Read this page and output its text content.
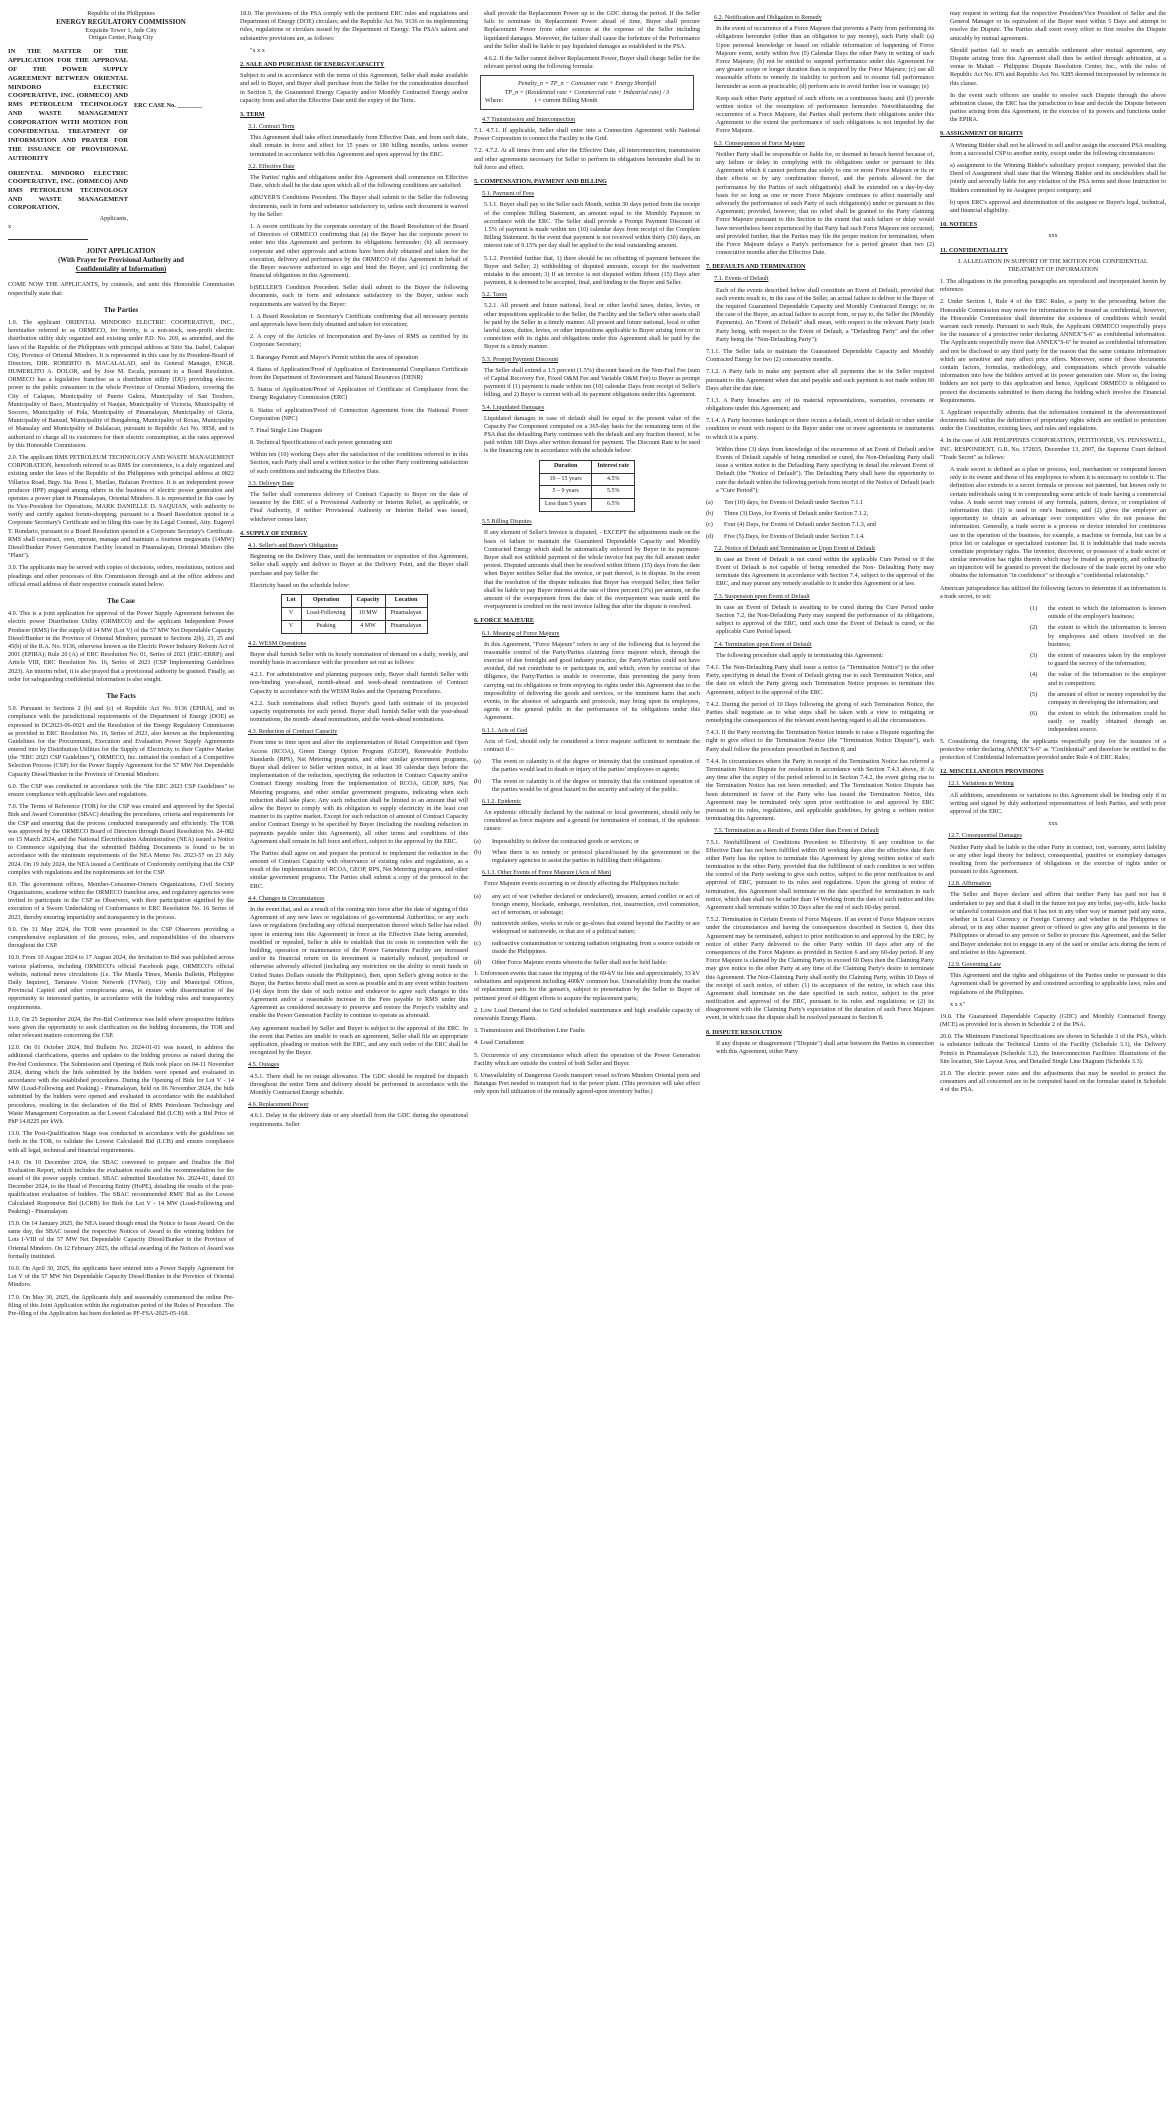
Republic of the Philippines
ENERGY REGULATORY COMMISSION
Exquisite Tower 1, Jade City
Ortigas Center, Pasig City
IN THE MATTER OF THE APPLICATION FOR THE APPROVAL OF THE POWER SUPPLY AGREEMENT BETWEEN ORIENTAL MINDORO ELECTRIC COOPERATIVE, INC. (ORMECO) AND RMS PETROLEUM TECHNOLOGY AND WASTE MANAGEMENT CORPORATION WITH MOTION FOR CONFIDENTIAL TREATMENT OF INFORMATION AND PRAYER FOR THE ISSUANCE OF PROVISIONAL AUTHORITY
ERC CASE No. ________
ORIENTAL MINDORO ELECTRIC COOPERATIVE, INC. (ORMECO) AND RMS PETROLEUM TECHNOLOGY AND WASTE MANAGEMENT CORPORATION,
Applicants,
x
JOINT APPLICATION
(With Prayer for Provisional Authority and
Confidentiality of Information)

COME NOW THE APPLICANTS, by counsels, and unto this Honorable Commission respectfully state that:

The Parties

1.0. The applicant ORIENTAL MINDORO ELECTRIC COOPERATIVE, INC., hereinafter referred to as ORMECO, for brevity, is a non-stock, non-profit electric distribution utility duly organized and existing under P.D. No. 269, as amended, and the laws of the Republic of the Philippines with principal address at Sitio Sta. Isabel, Calapan City, Province of Oriental Mindoro. It is represented in this case by its President-Board of Directors, DIR. ROBERTO B. MACALALAD, and its General Manager, ENGR. HUMERLITO A. DOLOR, and by Jose M. Escala, pursuant to a Board Resolution. ORMECO has a legislative franchise as a distribution utility (DU) providing electric power to the public consumers in the whole Province of Oriental Mindoro, covering the City of Calapan, Municipality of Puerto Galera, Municipality of San Teodoro, Municipality of Baco, Municipality of Naujan, Municipality of Victoria, Municipality of Socorro, Municipality of Pola, Municipality of Pinamalayan, Municipality of Gloria, Municipality of Bansud, Municipality of Bongabong, Municipality of Roxas, Municipality of Mansalay and Municipality of Bulalacao, pursuant to Republic Act No. 9958, and is authorized to charge all its customers for their electric consumption, at the rates approved by this Honorable Commission.

2.0. The applicant RMS PETROLEUM TECHNOLOGY AND WASTE MANAGEMENT CORPORATION, henceforth referred to as RMS for convenience, is a duly organized and existing under the laws of the Republic of the Philippines with principal address at 0822 Villarica Road, Brgy. Sta. Rosa 1, Marilao, Bulacan Province. It is an independent power producer (IPP) engaged among others in the business of electric power generation and operates a power plant in Pinamalayan, Oriental Mindoro. It is represented in this case by its Vice-President for Operations, MARK DANIELLE D. SAQUIAN, with authority to verify and certify against forum-shopping, pursuant to a Board Resolution quoted in a Corporate Secretary's Certificate and in filing this case by its Legal Counsel, Atty. Eugenyl T. Rondario, pursuant to a Board Resolution quoted in a Corporate Secretary's Certificate. RMS shall construct, own, operate, manage and maintain a fourteen megawatts (14MW) Diesel/Bunker Power Generation Facility located in Pinamalayan, Oriental Mindoro (the "Plant").

3.0. The applicants may be served with copies of decisions, orders, resolutions, notices and pleadings and other processes of this Commission through and at the office address and official email address of their respective counsels stated below.

The Case

4.0. This is a joint application for approval of the Power Supply Agreement between the electric power Distribution Utility (ORMECO) and the applicant Independent Power Producer (RMS) for the supply of 14 MW (Lot V) of the 57 MW Net Dependable Capacity Diesel/Bunker in the Province of Oriental Mindoro, pursuant to Sections 2(b), 23, 25 and 45(b) of the R.A. No. 9136, otherwise known as the Electric Power Industry Reform Act of 2001 (EPIRA); Rule 20 (A) of ERC Resolution No. 01, Series of 2021 (ERC-ERRP); and Article VIII, ERC Resolution No. 16, Series of 2023 (CSP Implementing Guidelines 2023). An interim relief, it is also prayed that a provisional authority be granted. Finally, an order for safeguarding confidential information is also sought.

The Facts

5.0. Pursuant to Sections 2 (b) and (c) of Republic Act No. 9136 (EPIRA), and in compliance with the jurisdictional requirements of the Department of Energy (DOE) as expressed in DC2023-06-0021 and the Resolution of the Energy Regulatory Commission as provided in ERC Resolution No. 16, Series of 2023, also known as the Implementing Guidelines for the Procurement, Execution and Evaluation Power Supply Agreements entered into by Distribution Utilities for the Supply of Electricity to their Captive Market (the "ERC 2023 CSP Guidelines"), ORMECO, Inc. initiated the conduct of a Competitive Selection Process (CSP) for the Power Supply Agreement for the 57 MW Net Dependable Capacity Diesel/Bunker in the Province of Oriental Mindoro.

6.0. The CSP was conducted in accordance with the "the ERC 2023 CSP Guidelines" to ensure compliance with applicable laws and regulations.

7.0. The Terms of Reference (TOR) for the CSP was created and approved by the Special Bids and Award Committee (SBAC) detailing the procedures, criteria and requirements for the CSP and ensuring that the process conducted transparently and efficiently. The TOR was approved by the ORMECO Board of Directors through Board Resolution No. 24-082 on 15 March 2024, and the National Electrification Administration (NEA) issued a Notice to Commence signifying that the submitted Bidding Documents is found to be in accordance with the minimum requirements of the NEA Memo No. 2023-57 on 23 July 2024. On 19 July 2024, the NEA issued a Certificate of Conformity certifying that the CSP complies with regulations and the requirements set for the CSP.

8.0. The government offices, Member-Consumer-Owners Organizations, Civil Society Organizations, academe within the ORMECO franchise area, and regulatory agencies were invited to participate in the CSP as Observers, with their participation signified by the execution of a Sworn Undertaking of Conformance to ERC Resolution No. 16 Series of 2023, thereby ensuring impartiality and transparency in the process.

9.0. On 31 May 2024, the TOR were presented to the CSP Observers providing a comprehensive explanation of the process, roles, and responsibilities of the observers throughout the CSP.

10.0. From 10 August 2024 to 17 August 2024, the Invitation to Bid was published across various platforms, including ORMECO's official Facebook page, ORMECO's official website, national news circulations (i.e. The Manila Times, Manila Bulletin, Philippine Daily Inquirer), Tamaraw Vision Network (TVNet), City and Municipal Offices, Provincial Capitol and other conspicuous areas, to ensure wide dissemination of the opportunity to interested parties, in accordance with the bidding rules and transparency requirements.

11.0. On 25 September 2024, the Pre-Bid Conference was held where prospective bidders were given the opportunity to seek clarification on the bidding documents, the TOR and other relevant matters concerning the CSP.

12.0. On 01 October 2024, Bid Bulletin No. 2024-01-01 was issued, to address the additional clarifications, queries and updates to the bidding process as raised during the Pre-bid Conference. The Submission and Opening of Bids took place on 04-11 November 2024, during which the bids submitted by the bidders were opened and evaluated in accordance with the established procedures. During the Opening of Bids for Lot V - 14 MW (Load-Following and Peaking) - Pinamalayan, held on 06 November 2024, the bids submitted by the bidders were opened and evaluated in accordance with the established procedures, resulting in the declaration of the Bid of RMS Petroleum Technology and Waste Management Corporation as the Lowest Calculated Bid (LCB) with a Bid Price of PhP 14.8225 per kWh.

13.0. The Post-Qualification Stage was conducted in accordance with the guidelines set forth in the TOR, to validate the Lowest Calculated Bid (LCB) and ensure compliance with all legal, technical and financial requirements.

14.0. On 10 December 2024, the SBAC convened to prepare and finalize the Bid Evaluation Report, which includes the evaluation results and the recommendation for the award of the power supply contract. SBAC submitted Resolution No. 2024-01, dated 03 December 2024, to the Head of Procuring Entity (HoPE), detailing the results of the post-qualification evaluation of bidders. The SBAC recommended RMS' Bid as the Lowest Calculated Responsive Bid (LCRB) for Bids for Lot V - 14 MW (Load-Following and Peaking) - Pinamalayan.

15.0. On 14 January 2025, the NEA issued though email the Notice to Issue Award. On the same day, the SBAC issued the respective Notices of Award to the winning bidders for Lots I-VIII of the 57 MW Net Dependable Capacity Diesel/Bunker in the Province of Oriental Mindoro. On 12 February 2025, the official awarding of the Notices of Award was formally instituted.

16.0. On April 30, 2025, the applicants have entered into a Power Supply Agreement for Lot V of the 57 MW Net Dependable Capacity Diesel/Bunker in the Province of Oriental Mindoro.

17.0. On May 30, 2025, the Applicants duly and seasonably commenced the online Pre-filing of this Joint Application within the registration period of the Rules of Procedure. The Pre-filing of the Application has been docketed as PF-FSA-2025-05-168.

18.0. The provisions of the PSA comply with the pertinent ERC rules and regulations and Department of Energy (DOE) circulars; and the Republic Act No. 9136 or its implementing rules, regulations or circulars issued by the Department of Energy. The PSA's salient and substantive provisions are, as follows:

"x x x

2. SALE AND PURCHASE OF ENERGY/CAPACITY

Subject to and in accordance with the terms of this Agreement, Seller shall make available and sell to Buyer, and Buyer shall purchase from the Seller for the consideration described in Section 5, the Guaranteed Energy Capacity and/or Monthly Contracted Energy and/or capacity from and after the Effective Date until the expiry of the Term.

3. TERM
3.1. Contract Term

This Agreement shall take effect immediately from Effective Date, and from such date, shall remain in force and effect for 15 years or 180 billing months, unless sooner terminated in accordance with this Agreement and upon approval by the ERC.

3.2. Effective Date

The Parties' rights and obligations under this Agreement shall commence on Effective Date, which shall be the date upon which all of the following conditions are satisfied:

a)BUYER'S Conditions Precedent. The Buyer shall submit to the Seller the following documents, each in form and substance satisfactory to, unless such document is waived by the Seller:

1. A sworn certificate by the corporate secretary of the Board Resolution of the Board of Directors of ORMECO confirming that (a) the Buyer has the corporate power to enter into this Agreement and perform its obligations hereunder; (b) all necessary corporate and other approvals and actions have been duly obtained and taken for the execution, delivery and performance by the ORMECO of this Agreement in behalf of the Buyer was/were authorized to sign and bind the Buyer, and (c) confirming the financial obligations in this Agreement).

b)SELLER'S Condition Precedent. Seller shall submit to the Buyer the following documents, each in form and substance satisfactory to the Buyer, unless such requirements are waived by the Buyer:

1. A Board Resolution or Secretary's Certificate confirming that all necessary permits and approvals have been duly obtained and taken for execution;

2. A copy of the Articles of Incorporation and By-laws of RMS as certified by its Corporate Secretary;

3. Barangay Permit and Mayor's Permit within the area of operation

4. Status of Application/Proof of Application of Environmental Compliance Certificate from the Department of Environment and Natural Resources (DENR)

5. Status of Application/Proof of Application of Certificate of Compliance from the Energy Regulatory Commission (ERC)

6. Status of application/Proof of Connection Agreement from the National Power Corporation (NPC)

7. Final Single Line Diagram

8. Technical Specifications of each power generating unit

Within ten (10) working Days after the satisfaction of the conditions referred to in this Section, each Party shall send a written notice to the other Party confirming satisfaction of such conditions and indicating the Effective Date.

3.3. Delivery Date

The Seller shall commence delivery of Contract Capacity to Buyer on the date of issuance by the ERC of a Provisional Authority or Interim Relief, as applicable, or Final Authority, if neither Provisional Authority or Interim Relief was issued, whichever comes later;

4. SUPPLY OF ENERGY
4.1. Seller's and Buyer's Obligations

Beginning on the Delivery Date, until the termination or expiration of this Agreement, Seller shall supply and deliver to Buyer at the Delivery Point, and the Buyer shall purchase and pay Seller the

Electricity based on the schedule below:

Lot	Operation	Capacity	Location
V	Load-Following	10 MW	Pinamalayan
V	Peaking	4 MW	Pinamalayan
4.2. WESM Operations

Buyer shall furnish Seller with its hourly nomination of demand on a daily, weekly, and monthly basis in accordance with the procedure set out as follows:

4.2.1. For administrative and planning purposes only, Buyer shall furnish Seller with non-binding year-ahead, month-ahead and week-ahead nominations of Contract Capacity in accordance with the WESM Rules and the Operating Procedures.

4.2.2. Such nominations shall reflect Buyer's good faith estimate of its projected capacity requirements for such period. Buyer shall furnish Seller with the year-ahead nominations, the month- ahead nominations, and the week-ahead nominations.

4.3. Reduction of Contract Capacity

From time to time upon and after the implementation of Retail Competition and Open Access (RCOA), Green Energy Option Program (GEOP), Renewable Portfolio Standards (RPS), Net Metering programs, and other similar government programs, Buyer shall deliver to Seller written notice, in at least 30 calendar days before the implementation of the reduction, specifying the reduction in Contract Capacity and/or Contract Energy resulting from the implementation of RCOA, GEOP, RPS, Net Metering programs, and other similar government programs, indicating when such reduction shall take place. Any such reduction shall be limited to an amount that will allow the Buyer to comply with its obligation to supply electricity in the least cost manner to its captive market. Except for such reduction of amount of Contract Capacity and/or Contract Energy to be specified by Buyer (including the resulting reduction in payments payable under this Agreement), all other terms and conditions of this Agreement shall remain in full force and effect, subject to the approval by the ERC.

The Parties shall agree on and prepare the protocol to implement the reduction in the amount of Contract Capacity with observance of existing rules and regulations, as a result of the implementation of RCOA, GEOP, RPS, Net Metering programs, and other similar government programs. The Parties shall submit a copy of the protocol to the ERC.

4.4. Changes in Circumstances

In the event that, and as a result of the coming into force after the date of signing of this Agreement of any new laws or regulations of go-vernmental Authorities; or any such laws or regulations (including any official interpretation thereof which Seller has relied upon in entering into this Agreement) in force at the Effective Date being amended, modified or repealed, Seller is able to establish that its costs in connection with the building, operation or maintenance of the Power Generation Facility are increased and/or its financial return on its investment is materially reduced, prejudiced or otherwise adversely affected (including any restriction on the ability to remit funds in United States Dollars outside the Philippines), then, upon Seller's giving notice to the Buyer, the Parties hereto shall meet as soon as possible and in any event within fourteen (14) days from the date of such notice and endeavor to agree such changes to this Agreement and/or a reasonable increase in the Fees payable to RMS under this Agreement as considered necessary to preserve and restore the Project's viability and enable the Power Generation Facility to continue to operate as aforesaid.

Any agreement reached by Seller and Buyer is subject to the approval of the ERC. In the event that Parties are unable to reach an agreement, Seller shall file an appropriate application, pleading or motion with the ERC, and any such order of the ERC shall be recognized by the Buyer.

4.5. Outages

4.5.1. There shall be no outage allowance. The GDC should be required for dispatch throughout the entire Term and delivery should be performed in accordance with the Monthly Contracted Energy schedule.

4.6. Replacement Power

4.6.1. Delay in the delivery date or any shortfall from the GDC during the operational requirements. Seller

shall provide the Replacement Power up to the GDC during the period. If the Seller fails to nominate its Replacement Power ahead of time, Buyer shall procure Replacement Power from other sources at the expense of the Seller including liquidated damages. Moreover, the failure shall cause the forfeiture of the Performance and the Seller shall be liable to pay liquidated damages as established in the PSA.

4.6.2. If the Seller cannot deliver Replacement Power, Buyer shall charge Seller for the relevant period using the following formula:

Penalty_n = TP_n − Consumer rate + Energy Shortfall
TP_n = (Residential rate + Commercial rate + Industrial rate) / 3
Where:	t = current Billing Month
4.7 Transmission and Interconnection

7.1. 4.7.1. If applicable, Seller shall enter into a Connection Agreement with National Power Corporation to connect the Facility to the Grid.

7.2. 4.7.2. At all times from and after the Effective Date, all interconnection, transmission and other agreements necessary for Seller to perform its obligations hereunder shall be in full force and effect.

5. COMPENSATION, PAYMENT AND BILLING
5.1. Payment of Fees

5.1.1. Buyer shall pay to the Seller each Month, within 30 days period from the receipt of the complete Billing Statement, an amount equal to the Monthly Payment in accordance with the ERC. The Seller shall provide a Prompt Payment Discount of 1.5% of payment is made within ten (10) calendar days from receipt of the Complete Billing Statement. In the event that payment is not received within thirty (30) days, an interest rate of 0.15% per day shall be applied to the total outstanding amount.

5.1.2. Provided further that, 1) there should be no offsetting of payment between the Buyer and Seller; 2) withholding of disputed amounts, except for the inadvertent mistake in the amount; 3) If an invoice is not disputed within fifteen (15) Days after payment, it is deemed to be accepted, final, and binding to the Buyer and Seller.

5.2. Taxes

5.2.1. All present and future national, local or other lawful taxes, duties, levies, or other impositions applicable to the Seller, the Facility and the Seller's other assets shall be paid by the Seller in a timely manner. All present and future national, local or other lawful taxes, duties, levies, or other impositions applicable to Buyer arising from or in connection with its rights and obligations under this Agreement shall be paid by the Buyer in a timely manner.

5.3. Prompt Payment Discount

The Seller shall extend a 1.5 percent (1.5%) discount based on the Non-Fuel Fee (sum of Capital Recovery Fee, Fixed O&M Fee and Variable O&M Fee) to Buyer as prompt payment if (1) payment is made within ten (10) calendar Days from receipt of Seller's billing, and 2) Buyer is current with all its payment obligations under this Agreement.

5.4. Liquidated Damages

Liquidated damages in case of default shall be equal to the present value of the Capacity Fee Component computed on a 365-day basis for the remaining term of the PSA that the defaulting Party continues with the default and any fraction thereof, to be paid within 180 Days after written demand for payment. The Discount Rate to be used is the financing rate in accordance with the schedule below:

Duration	Interest rate
10 – 15 years	4.5%
5 – 9 years	5.5%
Less than 5 years	6.5%
5.5 Billing Disputes

If any element of Seller's Invoice is disputed, - EXCEPT the adjustments made on the basis of failure to maintain the Guaranteed Dependable Capacity and Monthly Contracted Energy which shall be automatically enforced by Buyer in its payment-Buyer shall not withhold payment of the whole invoice but pay the full amount under protest. Disputed amounts shall then be resolved within fifteen (15) days from the date when Buyer notifies Seller that the invoice, or part thereof, is in dispute. In the event that the resolution of the dispute indicates that Buyer has overpaid Seller, then Seller shall be liable to pay Buyer interest at the rate of three percent (3%) per annum, on the amount of the overpayment from the date of the overpayment was made until the overpayment is credited on the next invoice falling due after the dispute is resolved.

6. FORCE MAJEURE
6.1. Meaning of Force Majeure

In this Agreement, "Force Majeure" refers to any of the following that is beyond the reasonable control of the Party/Parties claiming force majeure which, through the exercise of due foresight and good industry practice, the Party/Parties could not have avoided, did not contribute to or participate in, and which, even by exercise of due diligence, the Party/Parties is unable to overcome, thus preventing the party from carrying out its obligations or from enjoying its rights under this Agreement due to the impossibility of delivering the goods and services, or the imminent harm that such events, in the absence of safeguards and protocols, may bring upon its employees, agents or the general public in the performance of its obligations under this Agreement.

6.1.1. Acts of God

Acts of God, should only be considered a force majeure sufficient to terminate the contract if –

(a)	The event or calamity is of the degree or intensity that the continued operation of the parties would lead to death or injury of the parties' employees or agents;
(b)	The event or calamity is of the degree or intensity that the continued operation of the parties would be of great hazard to the security and safety of the public.
6.1.2. Epidemic

An epidemic officially declared by the national or local government, should only be considered as force majeure and a ground for termination of contract, if the epidemic causes:

(a)	Impossibility to deliver the contracted goods or services; or
(b)	When there is no remedy or protocol placed/issued by the government or the regulatory agencies to assist the parties in fulfilling their obligations.
6.1.3. Other Events of Force Majeure (Acts of Man)

Force Majeure events occurring in or directly affecting the Philippines include:

(a)	any act of war (whether declared or undeclared), invasion, armed conflict or act of foreign enemy, blockade, embargo, revolution, riot, insurrection, civil commotion, act of terrorism, or sabotage;
(b)	nationwide strikes, works to rule or go-slows that extend beyond the Facility or are widespread or nationwide, or that are of a political nature;
(c)	radioactive contamination or ionizing radiation originating from a source outside or inside the Philippines.
(d)	Other Force Majeure events wherein the Seller shall not be held liable:

1. Unforeseen events that cause the tripping of the 69-kV tie line and approximately, 33 kV substations and equipment including 400kV common bus. Unavailability from the market of replacement parts for the genset/s, subject to presentation by the Seller to Buyer of pertinent proof of diligent efforts to acquire the replacement parts;

2. Low Load Demand due to Grid scheduled maintenance and high available capacity of renewable Energy Plants.

3. Transmission and Distribution Line Faults

4. Load Curtailment

5. Occurrence of any circumstance which affect the operation of the Power Generation Facility which are outside the control of both Seller and Buyer.

6. Unavailability of Dangerous Goods transport vessel to/from Mindoro Oriental ports and Batangas Port needed to transport fuel to the power plant. (This provision will take effect only upon full utilization of the mutually agreed-upon inventory buffer.)

6.2. Notification and Obligation to Remedy

In the event of occurrence of a Force Majeure that prevents a Party from performing its obligations hereunder (other than an obligation to pay money), such Party shall: (a) Upon personal knowledge or based on reliable information of happening of Force Majeure event, notify within five (5) Calendar Days the other Party in writing of such Force Majeure; (b) not be entitled to suspend performance under this Agreement for any greater scope or longer duration than is required by the Force Majeure; (c) use all reasonable efforts to remedy its inability to perform and to resume full performance hereunder as soon as practicable; (d) perform acts to avoid further loss or wastage; (e)

Keep each other Party apprised of such efforts on a continuous basis; and (f) provide written notice of the resumption of performance hereunder. Notwithstanding the occurrence of a Force Majeure, the Parties shall perform their obligations under this Agreement to the extent the performance of such obligations is not impeded by the Force Majeure.

6.3. Consequences of Force Majeure

Neither Party shall be responsible or liable for, or deemed in breach hereof because of, any failure or delay in complying with its obligations under or pursuant to this Agreement which it cannot perform due solely to one or more Force Majeure or its or their effects or by any combination thereof, and the periods allowed for the performance by the Parties of such obligation(s) shall be extended on a day-by-day basis for so long as one or more Force Majeure continues to affect materially and adversely the performance of such Party of such obligation(s) under or pursuant to this Agreement; provided, however, that no relief shall be granted to the Party claiming Force Majeure pursuant to this Section to the extent that such failure or delay would have nevertheless been experienced by that Party had such Force Majeure not occurred; and provided further, that the Parties may file the proper motion for termination, when the Force Majeure delays a Party's performance for a period greater than two (2) consecutive months after the Effective Date.

7. DEFAULTS AND TERMINATION
7.1. Events of Default

Each of the events described below shall constitute an Event of Default, provided that such events result to, in the case of the Seller, an actual failure to deliver to the Buyer of the required Guaranteed Dependable Capacity and Monthly Contracted Energy; or, in the case of the Buyer, an actual failure to accept from, or pay to, the Seller the (Monthly Payments). An "Event of Default" shall mean, with respect to the relevant Party (such Party being, with respect to the Event of Default, a "Defaulting Party" and the other Party being the "Non-Defaulting Party"):

7.1.1. The Seller fails to maintain the Guaranteed Dependable Capacity and Monthly Contracted Energy for two (2) consecutive months.

7.1.2. A Party fails to make any payment after all payments due to the Seller required pursuant to this Agreement when due and payable and such payment is not made within 60 Days after the due date;

7.1.3. A Party breaches any of its material representations, warranties, covenants or obligations under this Agreement; and

7.1.4. A Party becomes bankrupt or there occurs a default, event of default or other similar condition or event with respect to the Buyer under one or more agreements or instruments to which it is a party.

Within three (3) days from knowledge of the occurrence of an Event of Default and/or Events of Default capable of being remedied or cured, the Non-Defaulting Party shall issue a written notice to the Defaulting Party specifying in detail the relevant Event of Default (the "Notice of Default"). The Defaulting Party shall have the opportunity to cure the default within the following periods from receipt of the Notice of Default (each a "Cure Period"):

(a)	Ten (10) days, for Events of Default under Section 7.1.1
(b)	Three (3) Days, for Events of Default under Section 7.1.2,
(c)	Four (4) Days, for Events of Default under Section 7.1.3, and
(d)	Five (5) Days, for Events of Default under Section 7.1.4.
7.2. Notice of Default and Termination or Upon Event of Default

In case an Event of Default is not cured within the applicable Cure Period or if the Event of Default is not capable of being remedied the Non- Defaulting Party may terminate this Agreement in accordance with Section 7.4, subject to the approval of the ERC, and may pursue any remedy available to it under this Agreement or at law.

7.3. Suspension upon Event of Default

In case an Event of Default is awaiting to be cured during the Cure Period under Section 7.2, the Non-Defaulting Party may suspend the performance of its obligations, subject to approval of the ERC, until such time the Event of Default is cured, or the applicable Cure Period lapsed.

7.4. Termination upon Event of Default

The following procedure shall apply in terminating this Agreement:

7.4.1. The Non-Defaulting Party shall issue a notice (a "Termination Notice") to the other Party, specifying in detail the Event of Default giving rise to such Termination Notice, and the date on which the Party giving such Termination Notice proposes to terminate this Agreement, subject to the approval of the ERC.

7.4.2. During the period of 10 Days following the giving of such Termination Notice, the Parties shall negotiate as to what steps shall be taken with a view to mitigating or remedying the consequences of the relevant event having regard to all the circumstances.

7.4.3. If the Party receiving the Termination Notice intends to raise a Dispute regarding the right to give effect to the Termination Notice (the "Termination Notice Dispute"), such Party shall follow the procedure prescribed in Section 8; and

7.4.4. In circumstances where the Party in receipt of the Termination Notice has referred a Termination Notice Dispute for resolution in accordance with Section 7.4.3 above, if: At any time after the expiry of the period referred to in Section 7.4.2, the event giving rise to the Termination Notice has not been remedied; and The Termination Notice Dispute has been determined in favor of the Party who has issued the Termination Notice, this Agreement may be terminated only upon prior notification to and approval by ERC pursuant to its rules, regulations, and applicable guidelines, by giving a written notice terminating this Agreement.

7.5. Termination as a Result of Events Other than Event of Default

7.5.1. Nonfulfillment of Conditions Precedent to Effectivity. If any condition to the Effective Date has not been fulfilled within 60 working days after the effective date then either Party has the option to terminate this Agreement by giving written notice of such termination to the other Party, provided that the fulfillment of such condition is not within the control of the Party seeking to give such notice, subject to the prior notification to and approval of ERC, pursuant to its rules and regulations. Upon the giving of notice of termination, this Agreement shall terminate on the date specified for termination in such notice, which date shall not be earlier than 14 Working from the date of such notice and this Agreement shall terminate within 30 Days after the end of such 60-day period.

7.5.2. Termination in Certain Events of Force Majeure. If an event of Force Majeure occurs under the circumstances and having the consequences described in Section 6, then this Agreement may be terminated, subject to prior notification to and approval by the ERC, by notice of either Party delivered to the other Party within 10 days after any of the consequences of the Force Majeure as provided in Section 6 and any 60-day period. If any Force Majeure is claimed by the Claiming Party to exceed 60 Days then the Claiming Party may give notice to the other Party at any time of the Claiming Party's desire to terminate this Agreement. The Non-Claiming Party shall notify the Claiming Party, within 10 Days of the receipt of such notice, of either: (1) its acceptance of the notice, in which case this Agreement shall terminate on the date specified in such notice, subject to the prior notification and approval of the ERC, pursuant to its rules and regulations; or (2) its disagreement with the Claiming Party's expectation of the duration of such Force Majeure event, in which case the dispute shall be resolved pursuant to Section 8.

8. DISPUTE RESOLUTION

If any dispute or disagreement ("Dispute") shall arise between the Parties in connection with this Agreement, either Party

may request in writing that the respective President/Vice President of Seller and the General Manager or its equivalent of the Buyer meet within 5 Days and attempt to resolve the Dispute. The Parties shall exert every effort to first resolve the Dispute amicably by mutual agreement.

Should parties fail to reach an amicable settlement after mutual agreement, any Dispute arising from this Agreement shall then be settled through arbitration, at a venue in Makati – Philippine Dispute Resolution Center, Inc., with the rules of Republic Act No. 876 and Republic Act No. 9285 deemed incorporated by reference in this clause.

In the event such officers are unable to resolve such Dispute through the above arbitration clause, the ERC has the jurisdiction to hear and decide the Dispute between parties arising from this Agreement, in the exercise of its powers and functions under the EPIRA.

9. ASSIGNMENT OF RIGHTS

A Winning Bidder shall not be allowed to sell and/or assign the executed PSA resulting from a successful CSP to another entity, except under the following circumstances:

a) assignment to the Winning Bidder's subsidiary project company, provided that the Deed of Assignment shall state that the Winning Bidder and its stockholders shall be jointly and severally liable for any violation of the PSA terms and those Instruction to Bidders committed by its Assignee project company; and

b) upon ERC's approval and determination of the assignee or Buyer's legal, technical, and financial eligibility.

10. NOTICES

xxx

11. CONFIDENTIALITY

I. ALLEGATION IN SUPPORT OF THE MOTION FOR CONFIDENTIAL TREATMENT OF INFORMATION

1. The allegations in the preceding paragraphs are reproduced and incorporated herein by reference.

2. Under Section 1, Rule 4 of the ERC Rules, a party to the proceeding before the Honorable Commission may move for information to be treated as confidential, however, the Honorable Commission shall determine the existence of conditions which would warrant such remedy. Pursuant to such Rule, the Applicant ORMECO respectfully prays for the issuance of a protective order declaring ANNEX"S-6" as confidential information. The Applicants respectfully move that ANNEX"S-6" be treated as confidential information and not be disclosed to any third party for the reason that the same contains information which are sensitive and may affect price offers. Moreover, some of these documents contain factors, formulas, methodology, and computations which provide valuable information into how the bidders arrived at its power generation rate. More so, the losing bidders are not party to this application and hence, Applicant ORMECO is obligated to protect the documents submitted to them during the bidding which involve the Financial Requirements.

3. Applicant respectfully submits that the information contained in the abovementioned documents fall within the definition of proprietary rights which are entitled to protection under the Constitution, existing laws, and rules and regulations.

4. In the case of AIR PHILIPPINES CORPORATION, PETITIONER, VS. PENNSWELL, INC. RESPONDENT, G.R. No. 172835, December 13, 2007, the Supreme Court defined "Trade Secret" as follows:

A trade secret is defined as a plan or process, tool, mechanism or compound known only to its owner and those of his employees to whom it is necessary to confide it. The definition also extends to a secret formula or process not patented, but known only to certain individuals using it in compounding some article of trade having a commercial value. A trade secret may consist of any formula, pattern, device, or compilation of information that: (1) is used in one's business; and (2) gives the employer an opportunity to obtain an advantage over competitors who do not possess the information. Generally, a trade secret is a process or device intended for continuous use in the operation of the business, for example, a machine or formula, but can be a price list or catalogue or specialized customer list. It is indubitable that trade secrets constitute proprietary rights. The inventor, discoverer, or possessor of a trade secret or similar innovation has rights therein which may be treated as property, and ordinarily an injunction will be granted to prevent the disclosure of the trade secret by one who obtains the information "in confidence" or through a "confidential relationship."

American jurisprudence has utilized the following factors to determine if an information is a trade secret, to wit:

(1)	the extent to which the information is known outside of the employer's business;
(2)	the extent to which the information is known by employees and others involved in the business;
(3)	the extent of measures taken by the employer to guard the secrecy of the information;
(4)	the value of the information to the employer and to competitors;
(5)	the amount of effort or money expended by the company in developing the information; and
(6)	the extent to which the information could be easily or readily obtained through an independent source.

5. Considering the foregoing, the applicants respectfully pray for the issuance of a protective order declaring ANNEX"S-6" as "Confidential" and therefore be entitled to the protection of Confidential Information provided under Rule 4 of ERC Rules;

12. MISCELLANEOUS PROVISIONS
12.1. Variations in Writing

All additions, amendments or variations to this Agreement shall be binding only if in writing and signed by duly authorized representatives of both Parties, and with prior approval of the ERC.

xxx

12.7. Consequential Damages

Neither Party shall be liable to the other Party in contract, tort, warranty, strict liability or any other legal theory for indirect, consequential, punitive or exemplary damages resulting from the performance of obligations or the exercise of rights under or pursuant to this Agreement.

12.8. Affirmation

The Seller and Buyer declare and affirm that neither Party has paid nor has it undertaken to pay and that it shall in the future not pay any bribe, pay-offs, kick- backs or unlawful commission and that it has not in any other way or manner paid any sums, whether in Local Currency or Foreign Currency and whether in the Philippines or abroad, or in any other manner given or offered to give any gifts and presents in the Philippines or abroad to any person or Seller to procure this Agreement, and the Seller and Buyer undertake not to engage in any of the said or similar acts during the term of and relative to this Agreement.

12.9. Governing Law

This Agreement and the rights and obligations of the Parties under or pursuant to this Agreement shall be governed by and construed according to applicable laws, rules and regulations of the Philippines.

x x x"

19.0. The Guaranteed Dependable Capacity (GDC) and Monthly Contracted Energy (MCE) as provided for is shown in Schedule 2 of the PSA.

20.0. The Minimum Functional Specifications are shown in Schedule 3 of the PSA, which is substance indicate the Technical Limits of the Facility (Schedule 3.1), the Delivery Point/s in Pinamalayan (Schedule 3.2), the Interconnection Facilities: Illustrations of the Site location, Site Layout Area, and Detailed Single Line Diagram (Schedule 3.3).

21.0. The electric power rates and the adjustments that may be needed to protect the consumers and all concerned are to be computed based on the formulae stated in Schedule 4 of the PSA.
